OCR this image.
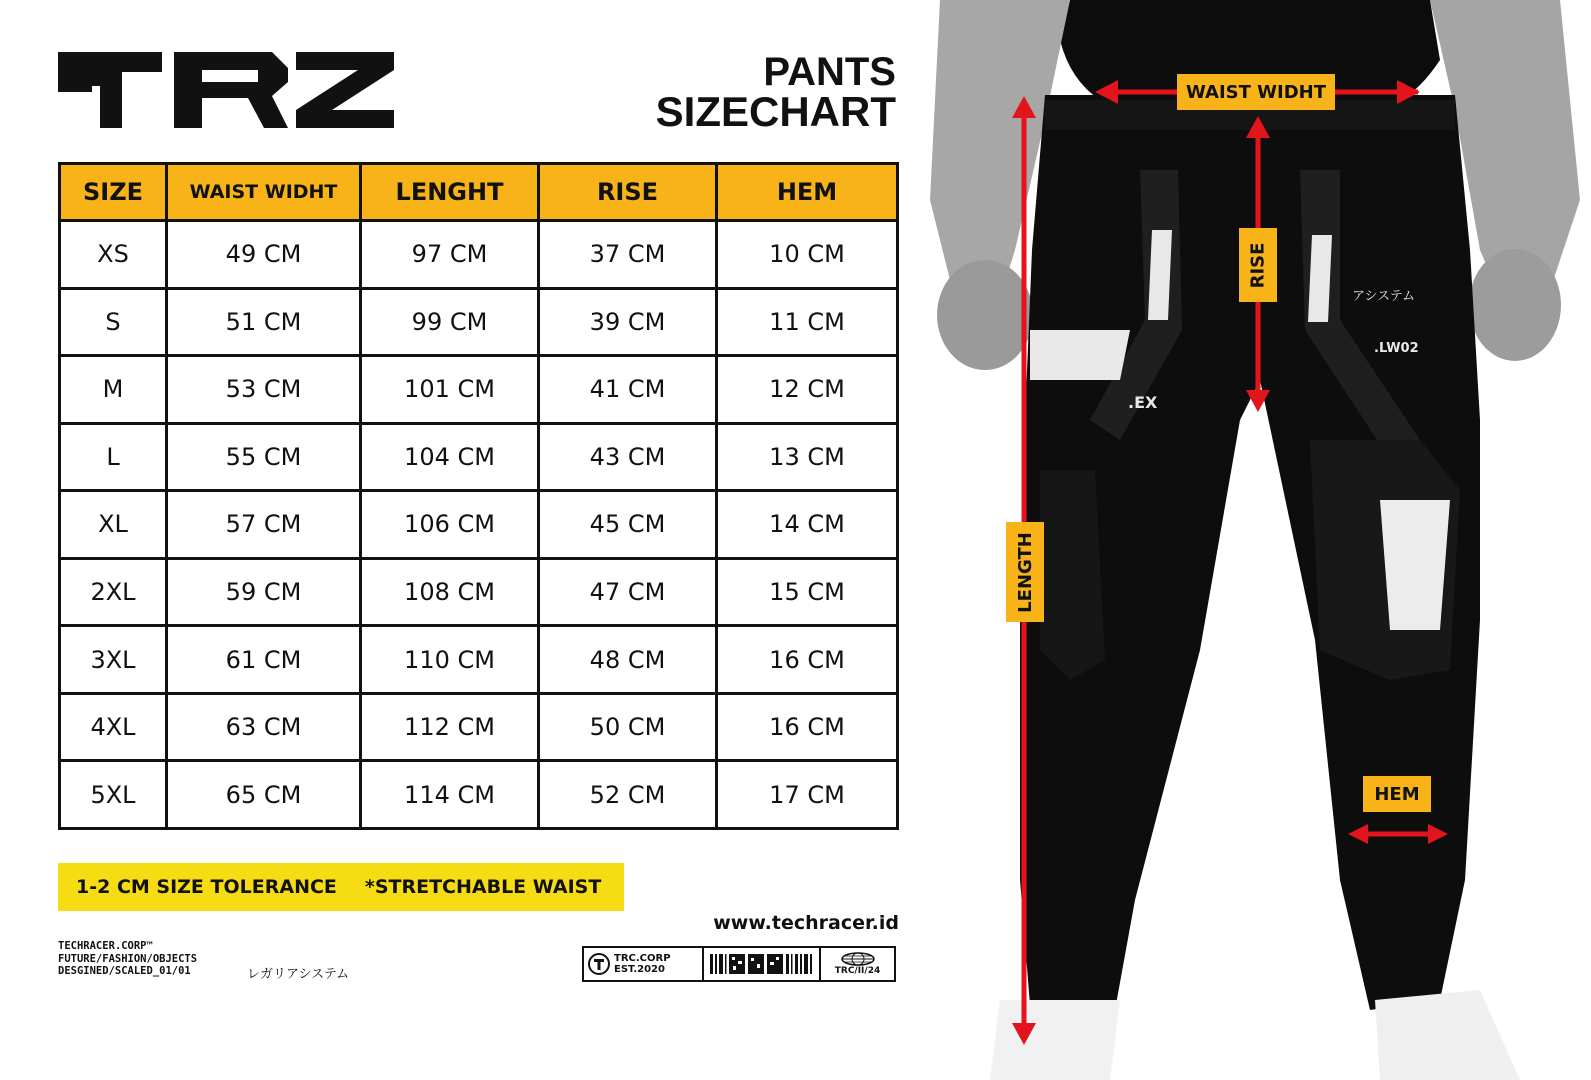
PANTS
SIZECHART
SIZE	WAIST WIDHT	LENGHT	RISE	HEM
XS	49 CM	97 CM	37 CM	10 CM
S	51 CM	99 CM	39 CM	11 CM
M	53 CM	101 CM	41 CM	12 CM
L	55 CM	104 CM	43 CM	13 CM
XL	57 CM	106 CM	45 CM	14 CM
2XL	59 CM	108 CM	47 CM	15 CM
3XL	61 CM	110 CM	48 CM	16 CM
4XL	63 CM	112 CM	50 CM	16 CM
5XL	65 CM	114 CM	52 CM	17 CM
1-2 CM SIZE TOLERANCE *STRETCHABLE WAIST
www.techracer.id
TECHRACER.CORP™
FUTURE/FASHION/OBJECTS
DESGINED/SCALED_01/01	レガリアシステム
TRC.CORP
EST.2020	TRC/II/24
アシステム
.LW02
.EX
WAIST WIDHT
RISE
LENGTH
HEM
